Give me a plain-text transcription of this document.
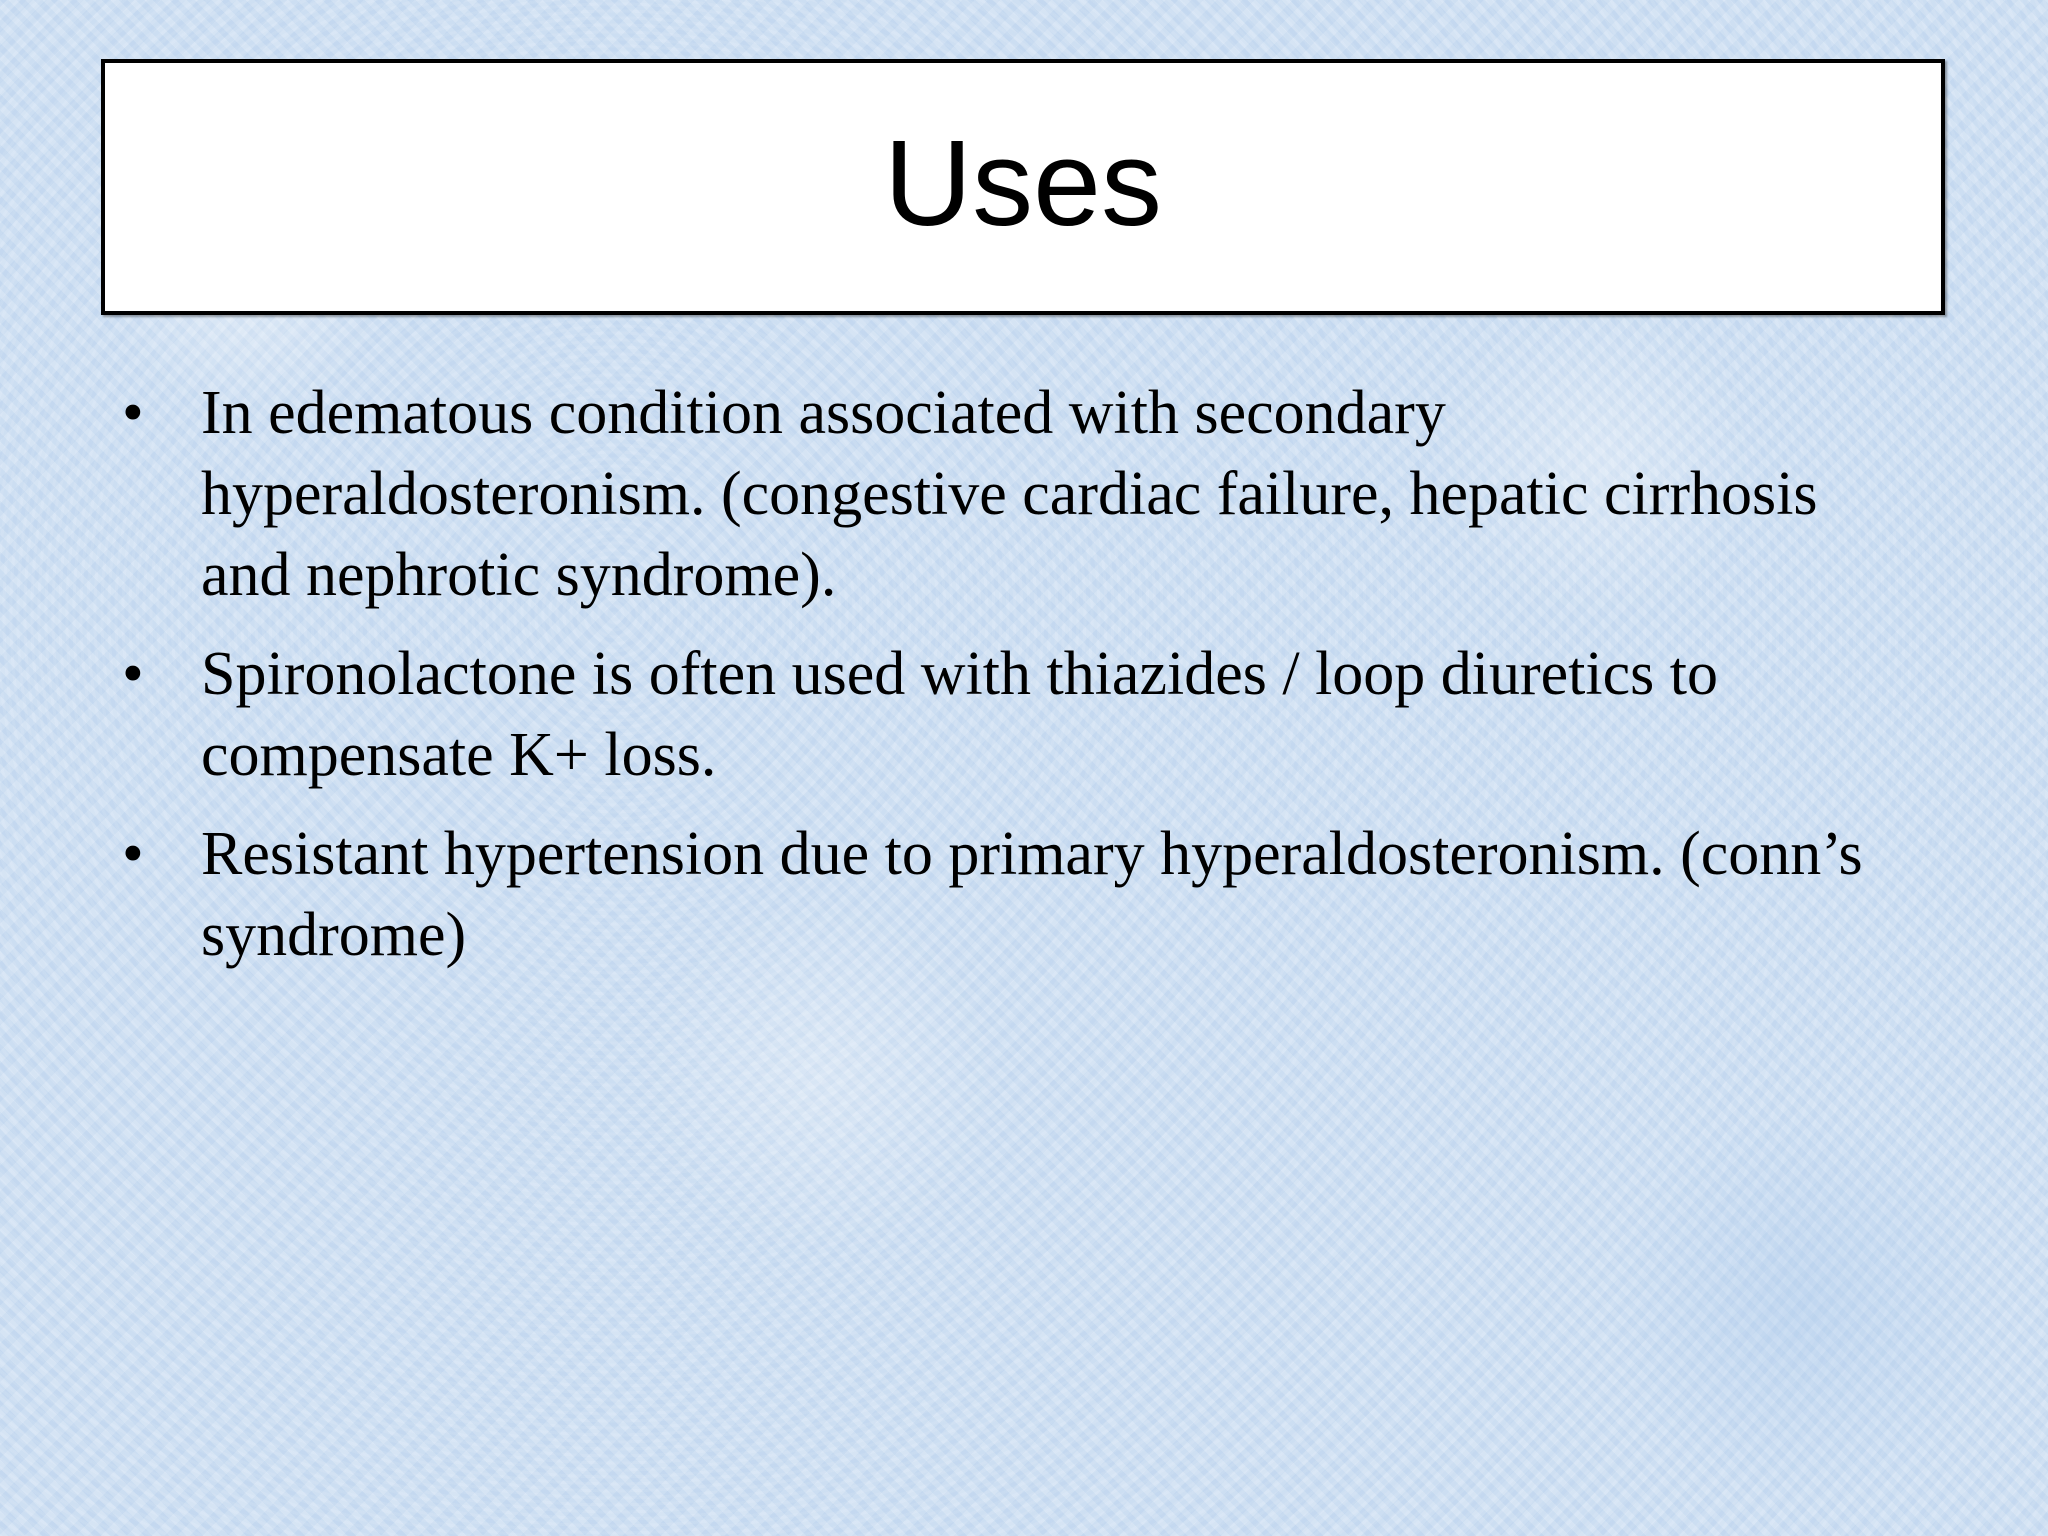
Uses
• In edematous condition associated with secondary hyperaldosteronism. (congestive cardiac failure, hepatic cirrhosis and nephrotic syndrome).
• Spironolactone is often used with thiazides / loop diuretics to compensate K+ loss.
• Resistant hypertension due to primary hyperaldosteronism. (conn’s syndrome)
